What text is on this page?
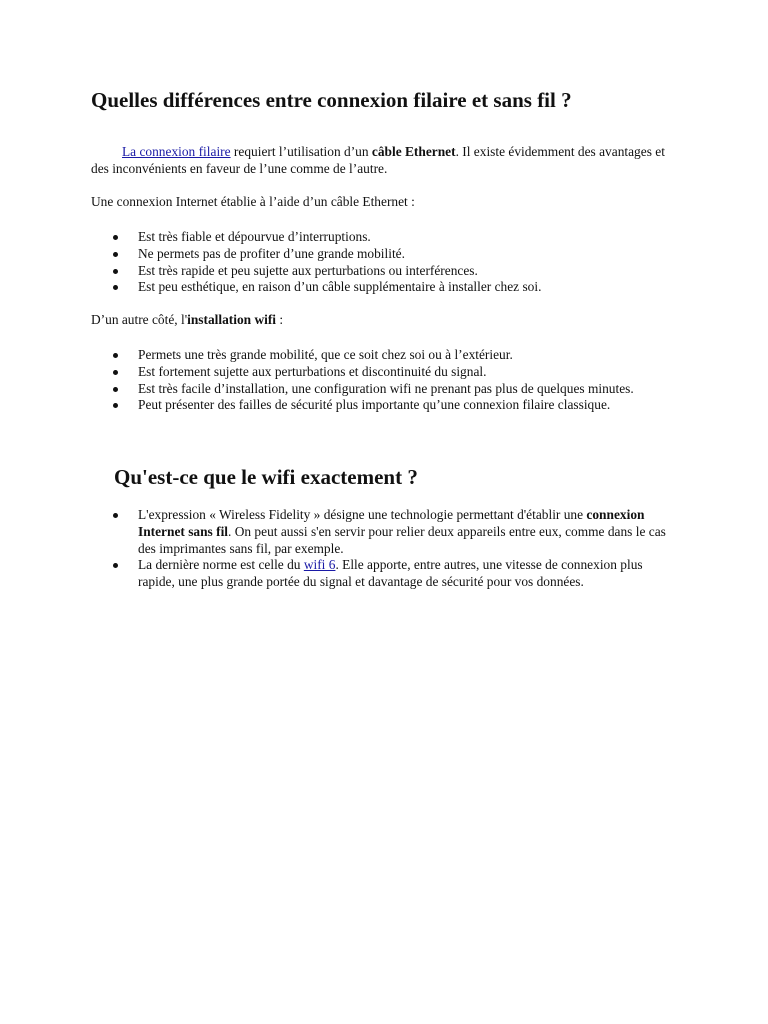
Quelles différences entre connexion filaire et sans fil ?

La connexion filaire requiert l’utilisation d’un câble Ethernet. Il existe évidemment des avantages et des inconvénients en faveur de l’une comme de l’autre.

Une connexion Internet établie à l’aide d’un câble Ethernet :

Est très fiable et dépourvue d’interruptions.
Ne permets pas de profiter d’une grande mobilité.
Est très rapide et peu sujette aux perturbations ou interférences.
Est peu esthétique, en raison d’un câble supplémentaire à installer chez soi.

D’un autre côté, l'installation wifi :

Permets une très grande mobilité, que ce soit chez soi ou à l’extérieur.
Est fortement sujette aux perturbations et discontinuité du signal.
Est très facile d’installation, une configuration wifi ne prenant pas plus de quelques minutes.
Peut présenter des failles de sécurité plus importante qu’une connexion filaire classique.
Qu'est-ce que le wifi exactement ?
L'expression « Wireless Fidelity » désigne une technologie permettant d'établir une connexion Internet sans fil. On peut aussi s'en servir pour relier deux appareils entre eux, comme dans le cas des imprimantes sans fil, par exemple.
La dernière norme est celle du wifi 6. Elle apporte, entre autres, une vitesse de connexion plus rapide, une plus grande portée du signal et davantage de sécurité pour vos données.
